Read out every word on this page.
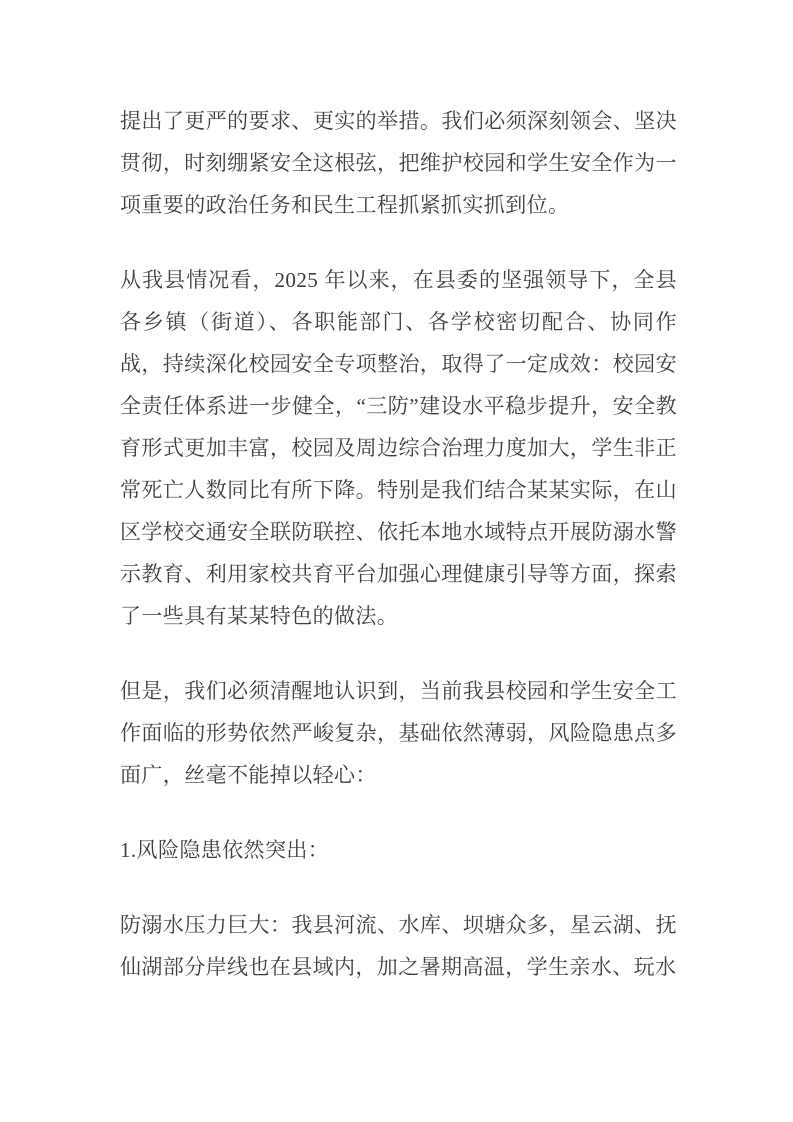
提出了更严的要求、更实的举措。我们必须深刻领会、坚决贯彻，时刻绷紧安全这根弦，把维护校园和学生安全作为一项重要的政治任务和民生工程抓紧抓实抓到位。

从我县情况看，2025 年以来，在县委的坚强领导下，全县各乡镇（街道）、各职能部门、各学校密切配合、协同作战，持续深化校园安全专项整治，取得了一定成效：校园安全责任体系进一步健全，“三防”建设水平稳步提升，安全教育形式更加丰富，校园及周边综合治理力度加大，学生非正常死亡人数同比有所下降。特别是我们结合某某实际，在山区学校交通安全联防联控、依托本地水域特点开展防溺水警示教育、利用家校共育平台加强心理健康引导等方面，探索了一些具有某某特色的做法。

但是，我们必须清醒地认识到，当前我县校园和学生安全工作面临的形势依然严峻复杂，基础依然薄弱，风险隐患点多面广，丝毫不能掉以轻心：

1.风险隐患依然突出：

防溺水压力巨大：我县河流、水库、坝塘众多，星云湖、抚仙湖部分岸线也在县域内，加之暑期高温，学生亲水、玩水
